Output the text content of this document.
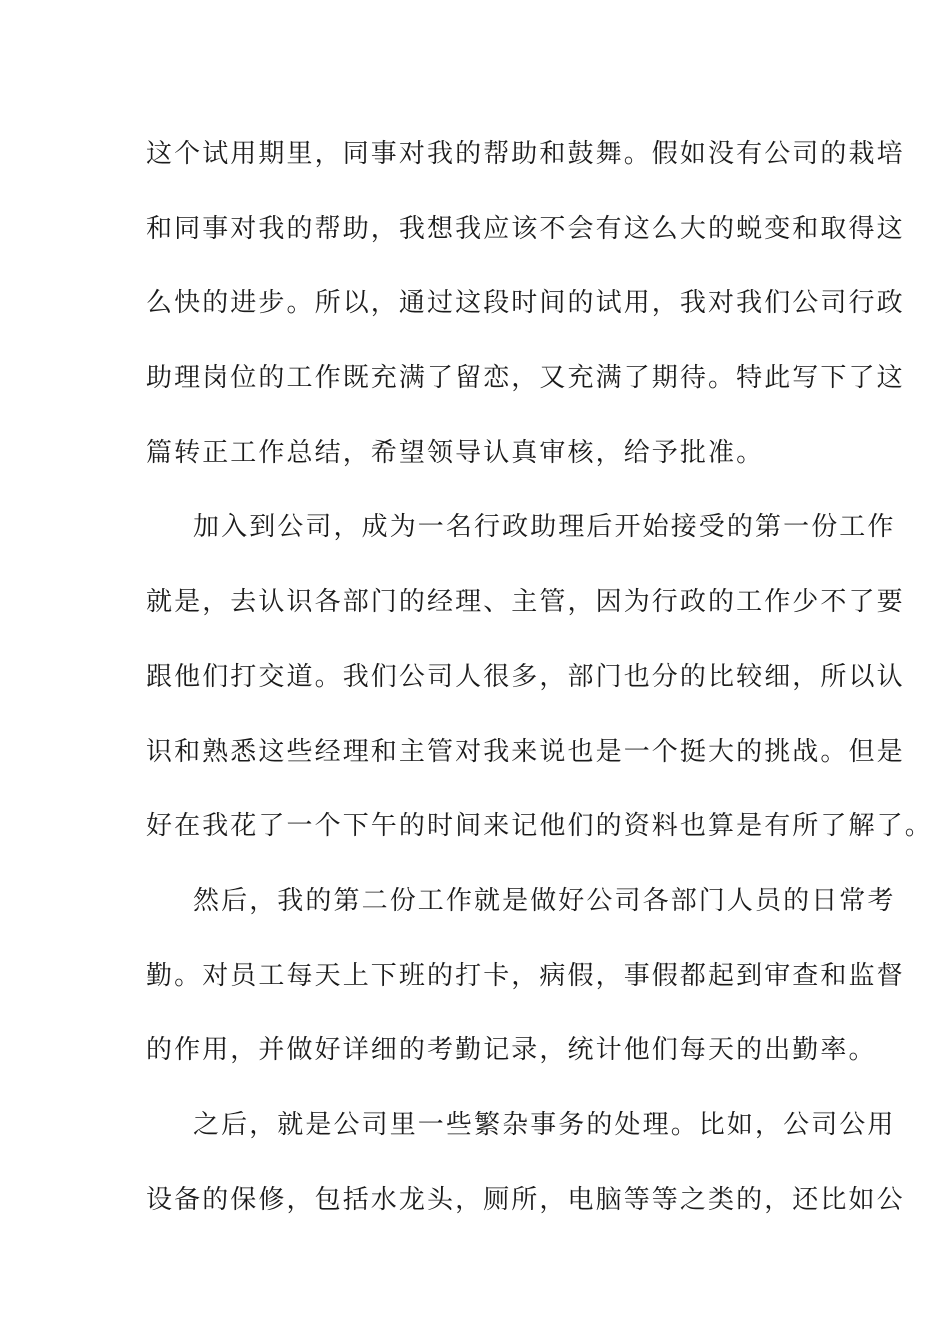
这个试用期里，同事对我的帮助和鼓舞。假如没有公司的栽培
和同事对我的帮助，我想我应该不会有这么大的蜕变和取得这
么快的进步。所以，通过这段时间的试用，我对我们公司行政
助理岗位的工作既充满了留恋，又充满了期待。特此写下了这
篇转正工作总结，希望领导认真审核，给予批准。
加入到公司，成为一名行政助理后开始接受的第一份工作
就是，去认识各部门的经理、主管，因为行政的工作少不了要
跟他们打交道。我们公司人很多，部门也分的比较细，所以认
识和熟悉这些经理和主管对我来说也是一个挺大的挑战。但是
好在我花了一个下午的时间来记他们的资料也算是有所了解了。
然后，我的第二份工作就是做好公司各部门人员的日常考
勤。对员工每天上下班的打卡，病假，事假都起到审查和监督
的作用，并做好详细的考勤记录，统计他们每天的出勤率。
之后，就是公司里一些繁杂事务的处理。比如，公司公用
设备的保修，包括水龙头，厕所，电脑等等之类的，还比如公
